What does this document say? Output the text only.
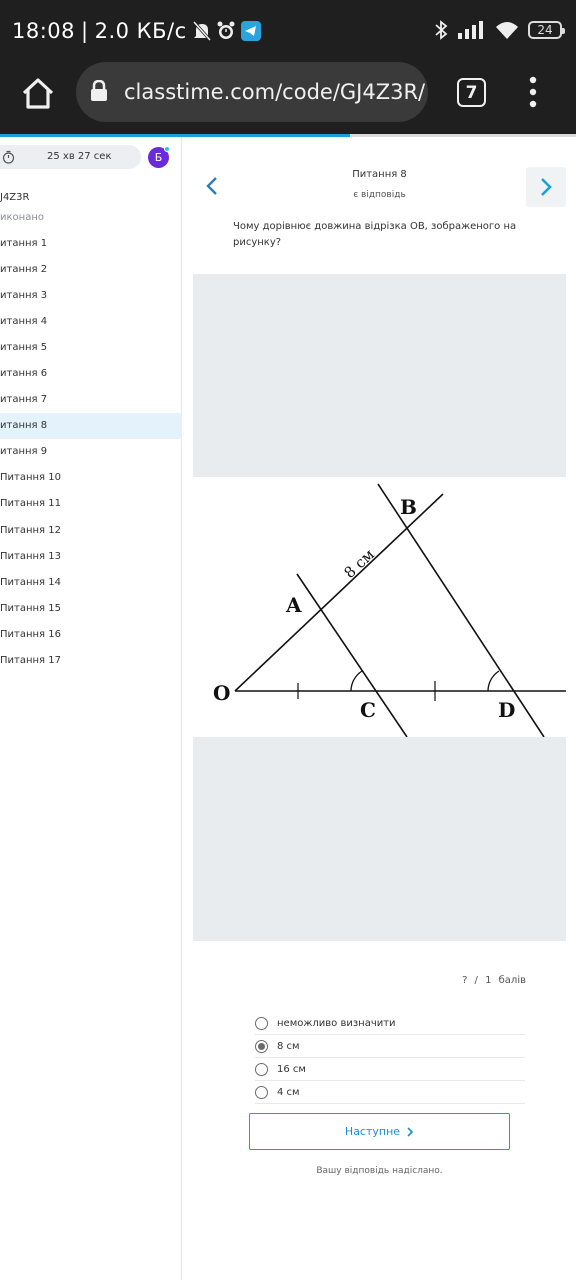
18:08 | 2.0 КБ/с	24
classtime.com/code/GJ4Z3R/ 7
25 хв 27 сек	Б
J4Z3R
иконано
итання 1
итання 2
итання 3
итання 4
итання 5
итання 6
итання 7
итання 8
итання 9
Питання 10
Питання 11
Питання 12
Питання 13
Питання 14
Питання 15
Питання 16
Питання 17
Питання 8
є відповідь
Чому дорівнює довжина відрізка OB, зображеного на рисунку?
O
A
B
C	D
8 см
? / 1 балів
неможливо визначити
8 см
16 см
4 см
Наступне
Вашу відповідь надіслано.
